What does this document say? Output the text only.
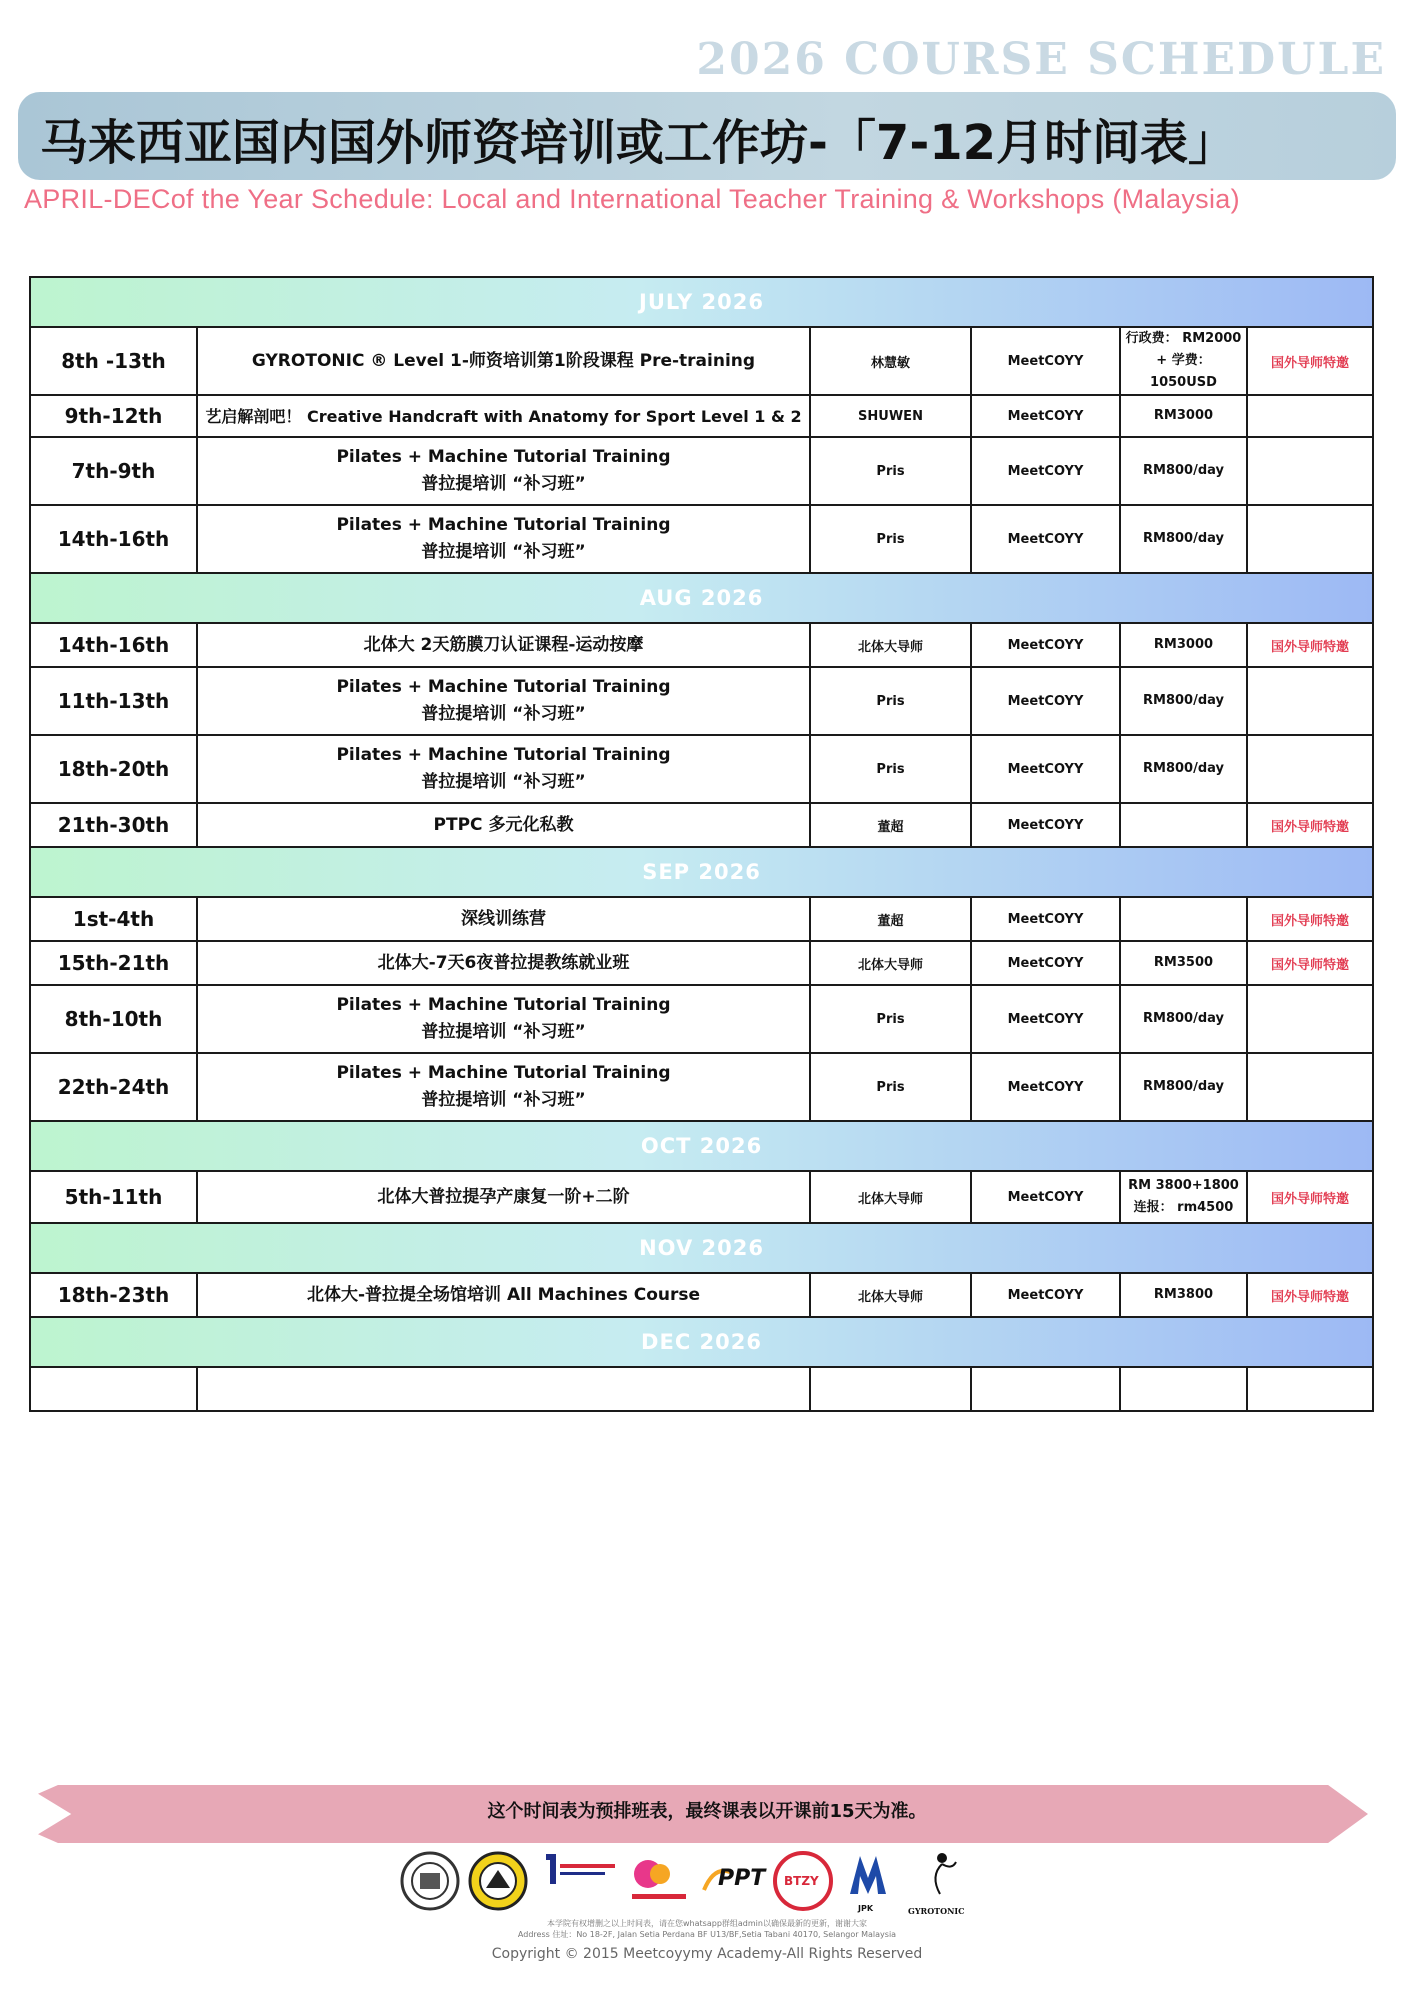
2026 COURSE SCHEDULE
马来西亚国内国外师资培训或工作坊-「7-12月时间表」
APRIL-DECof the Year Schedule: Local and International Teacher Training & Workshops (Malaysia)
JULY 2026					
8th -13th	GYROTONIC ® Level 1-师资培训第1阶段课程 Pre-training	林慧敏	MeetCOYY	行政费： RM2000
+ 学费： 1050USD	国外导师特邀
9th-12th	艺启解剖吧！ Creative Handcraft with Anatomy for Sport Level 1 & 2	SHUWEN	MeetCOYY	RM3000	
7th-9th	Pilates + Machine Tutorial Training
普拉提培训 “补习班”	Pris	MeetCOYY	RM800/day	
14th-16th	Pilates + Machine Tutorial Training
普拉提培训 “补习班”	Pris	MeetCOYY	RM800/day	
AUG 2026					
14th-16th	北体大 2天筋膜刀认证课程-运动按摩	北体大导师	MeetCOYY	RM3000	国外导师特邀
11th-13th	Pilates + Machine Tutorial Training
普拉提培训 “补习班”	Pris	MeetCOYY	RM800/day	
18th-20th	Pilates + Machine Tutorial Training
普拉提培训 “补习班”	Pris	MeetCOYY	RM800/day	
21th-30th	PTPC 多元化私教	董超	MeetCOYY		国外导师特邀
SEP 2026					
1st-4th	深线训练营	董超	MeetCOYY		国外导师特邀
15th-21th	北体大-7天6夜普拉提教练就业班	北体大导师	MeetCOYY	RM3500	国外导师特邀
8th-10th	Pilates + Machine Tutorial Training
普拉提培训 “补习班”	Pris	MeetCOYY	RM800/day	
22th-24th	Pilates + Machine Tutorial Training
普拉提培训 “补习班”	Pris	MeetCOYY	RM800/day	
OCT 2026					
5th-11th	北体大普拉提孕产康复一阶+二阶	北体大导师	MeetCOYY	RM 3800+1800
连报： rm4500	国外导师特邀
NOV 2026					
18th-23th	北体大-普拉提全场馆培训 All Machines Course	北体大导师	MeetCOYY	RM3800	国外导师特邀
DEC 2026					

这个时间表为预排班表，最终课表以开课前15天为准。
PPT BTZY
JPK	GYROTONIC
本学院有权增删之以上时间表，请在您whatsapp群组admin以确保最新的更新，谢谢大家
Address 住址：No 18-2F, Jalan Setia Perdana BF U13/BF,Setia Tabani 40170, Selangor Malaysia
Copyright © 2015 Meetcoyymy Academy-All Rights Reserved
